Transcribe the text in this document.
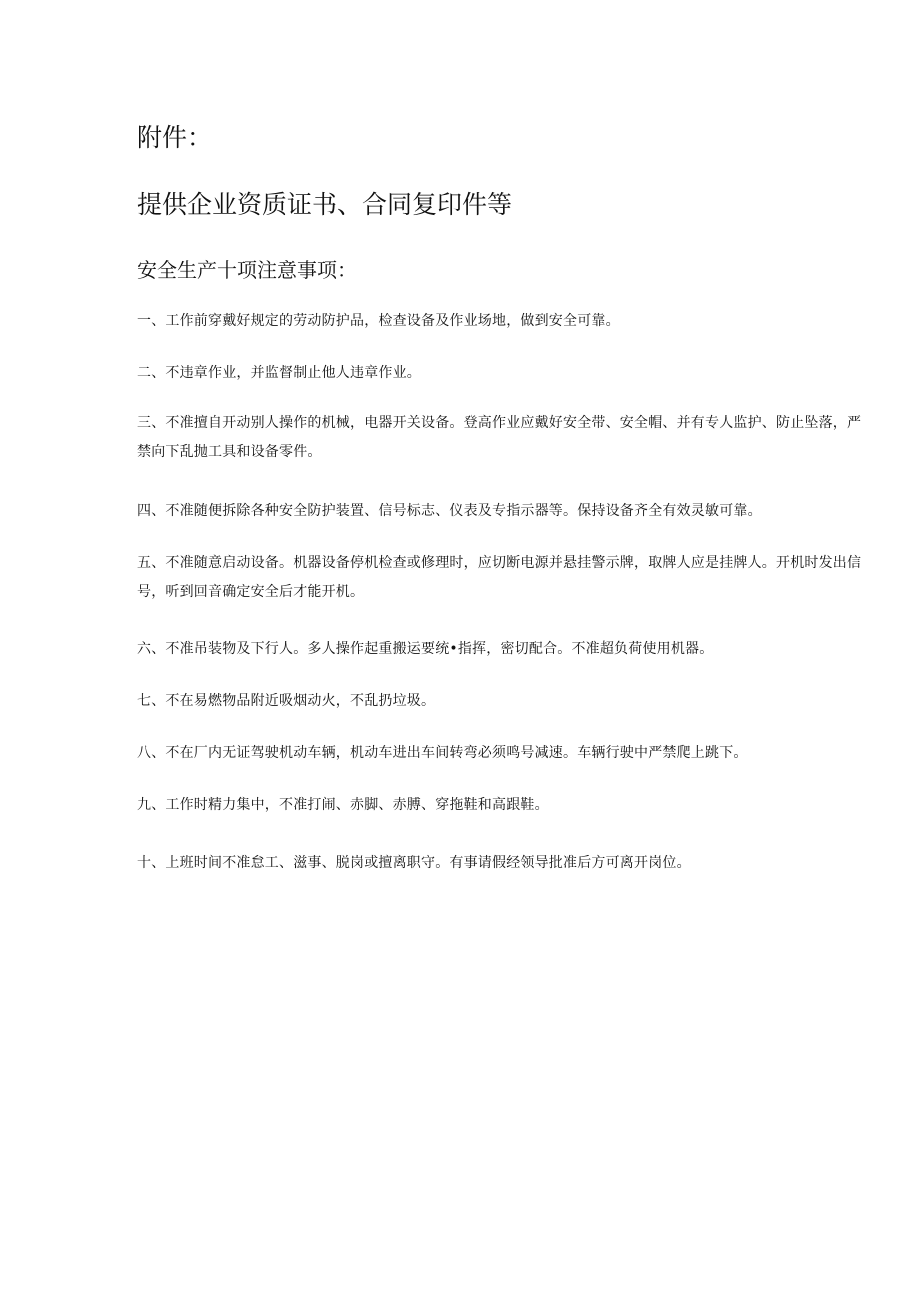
附件：
提供企业资质证书、合同复印件等
安全生产十项注意事项：
一、工作前穿戴好规定的劳动防护品，检查设备及作业场地，做到安全可靠。
二、不违章作业，并监督制止他人违章作业。
三、不准擅自开动别人操作的机械，电器开关设备。登高作业应戴好安全带、安全帽、并有专人监护、防止坠落，严禁向下乱抛工具和设备零件。
四、不准随便拆除各种安全防护装置、信号标志、仪表及专指示器等。保持设备齐全有效灵敏可靠。
五、不准随意启动设备。机器设备停机检查或修理时，应切断电源并悬挂警示牌，取牌人应是挂牌人。开机时发出信号，听到回音确定安全后才能开机。
六、不准吊装物及下行人。多人操作起重搬运要统•指挥，密切配合。不准超负荷使用机器。
七、不在易燃物品附近吸烟动火，不乱扔垃圾。
八、不在厂内无证驾驶机动车辆，机动车进出车间转弯必须鸣号减速。车辆行驶中严禁爬上跳下。
九、工作时精力集中，不准打闹、赤脚、赤膊、穿拖鞋和高跟鞋。
十、上班时间不准怠工、滋事、脱岗或擅离职守。有事请假经领导批准后方可离开岗位。
